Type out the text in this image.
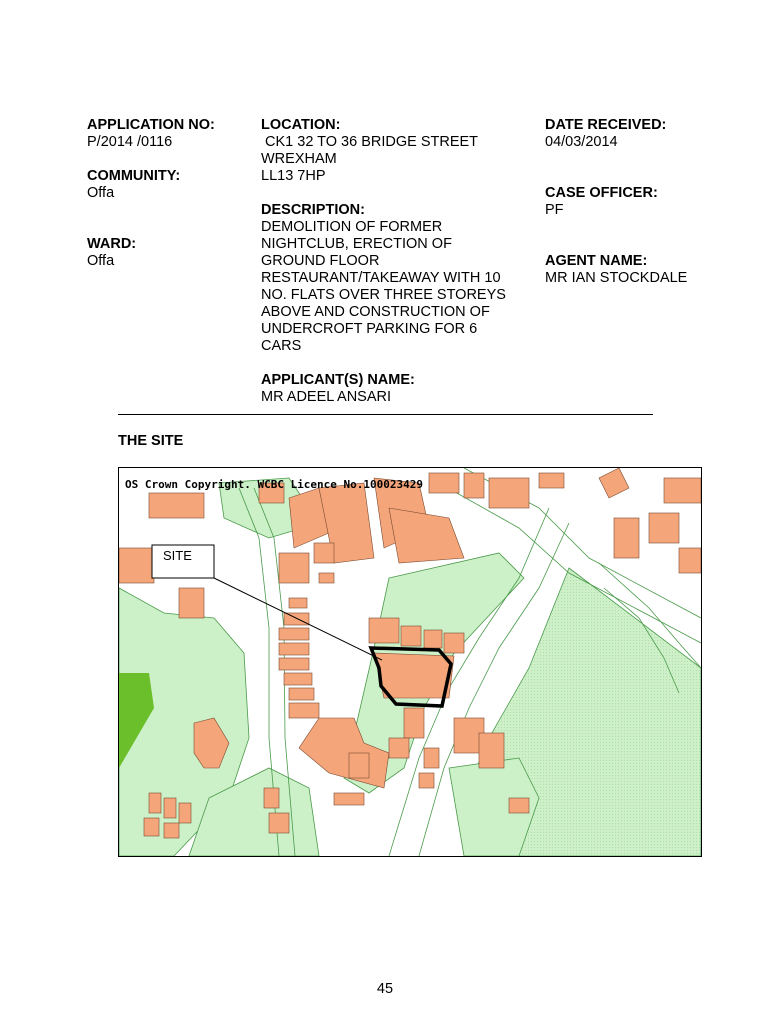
APPLICATION NO:
P/2014 /0116
COMMUNITY:
Offa
WARD:
Offa
LOCATION:
CK1 32 TO 36 BRIDGE STREET
WREXHAM
LL13 7HP
DESCRIPTION:
DEMOLITION OF FORMER
NIGHTCLUB, ERECTION OF
GROUND FLOOR
RESTAURANT/TAKEAWAY WITH 10
NO. FLATS OVER THREE STOREYS
ABOVE AND CONSTRUCTION OF
UNDERCROFT PARKING FOR 6
CARS
APPLICANT(S) NAME:
MR ADEEL ANSARI
DATE RECEIVED:
04/03/2014
CASE OFFICER:
PF
AGENT NAME:
MR IAN STOCKDALE
THE SITE
SITE
OS Crown Copyright. WCBC Licence No.100023429
45
